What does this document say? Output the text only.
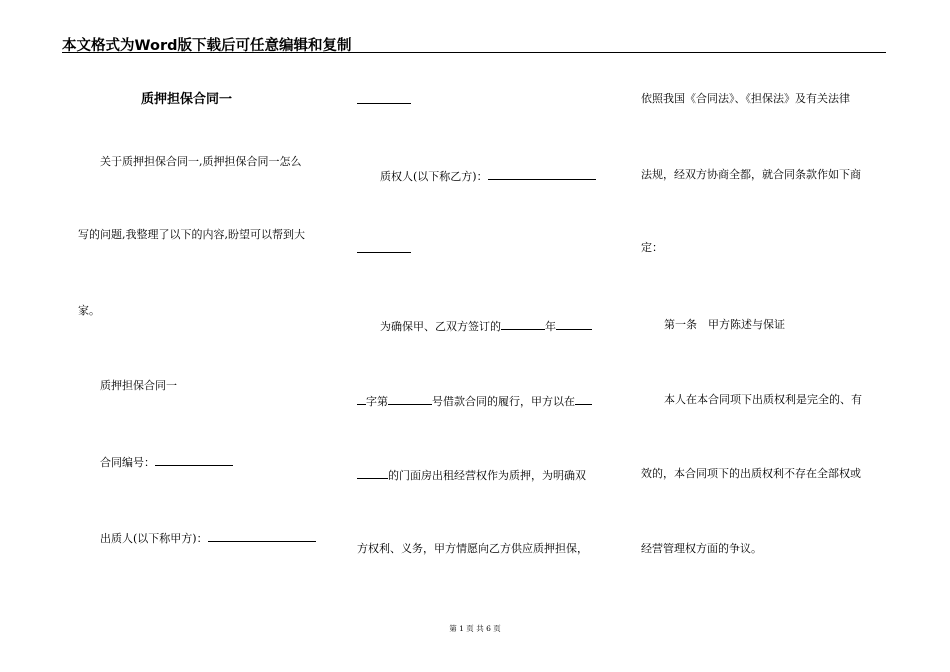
本文格式为Word版下载后可任意编辑和复制
质押担保合同一
关于质押担保合同一,质押担保合同一怎么
写的问题,我整理了以下的内容,盼望可以帮到大
家。
质押担保合同一
合同编号：
出质人(以下称甲方)：
质权人(以下称乙方)：
为确保甲、乙双方签订的	年
字第	号借款合同的履行，甲方以在
的门面房出租经营权作为质押，为明确双
方权利、义务，甲方情愿向乙方供应质押担保，
依照我国《合同法》、《担保法》及有关法律
法规，经双方协商全都，就合同条款作如下商
定：
第一条　甲方陈述与保证
本人在本合同项下出质权利是完全的、有
效的，本合同项下的出质权利不存在全部权或
经营管理权方面的争议。
第 1 页 共 6 页
